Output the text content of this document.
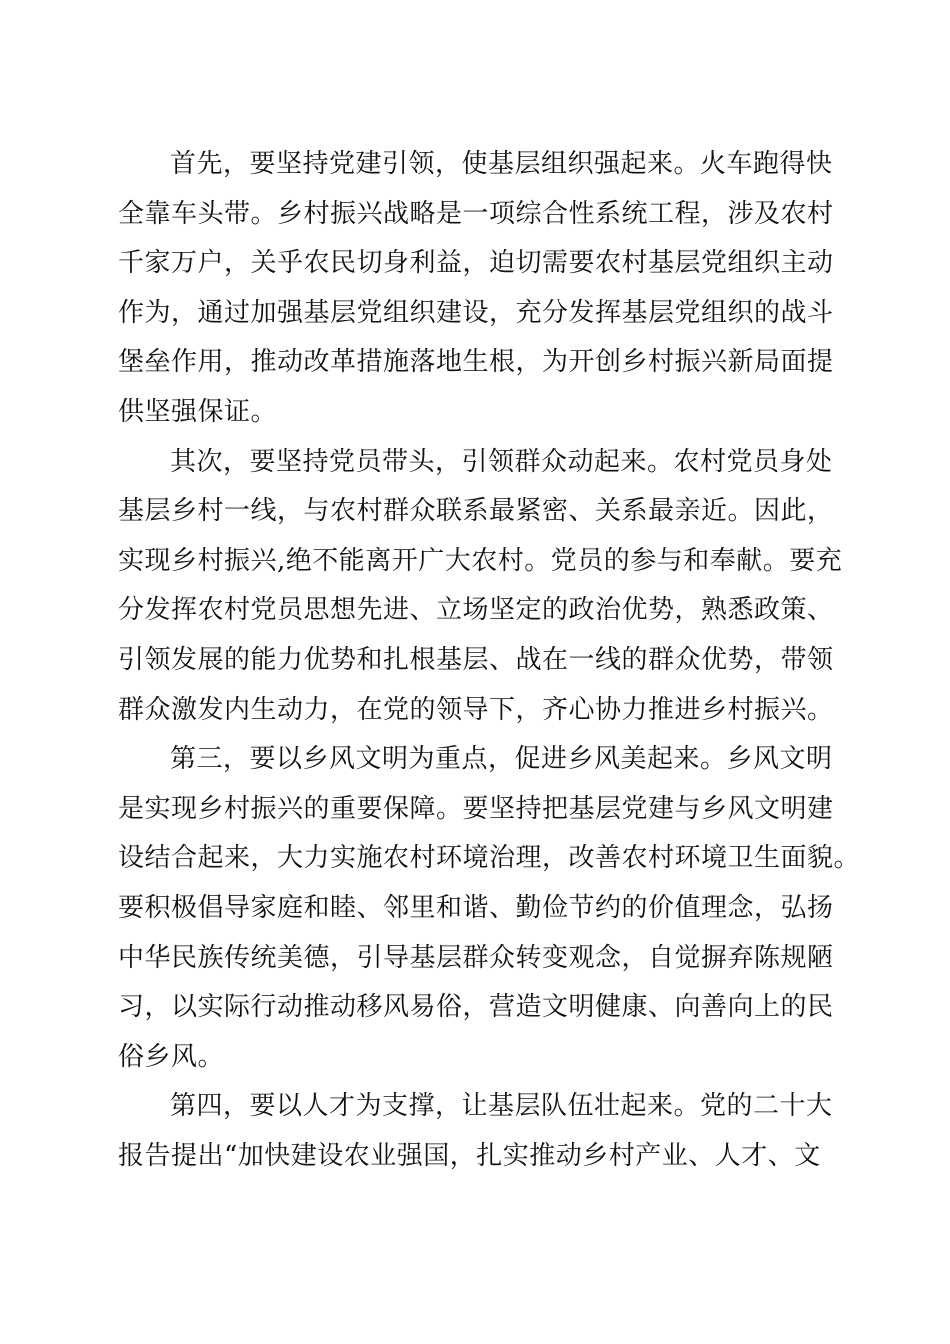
首先，要坚持党建引领，使基层组织强起来。火车跑得快
全靠车头带。乡村振兴战略是一项综合性系统工程，涉及农村
千家万户，关乎农民切身利益，迫切需要农村基层党组织主动
作为，通过加强基层党组织建设，充分发挥基层党组织的战斗
堡垒作用，推动改革措施落地生根，为开创乡村振兴新局面提
供坚强保证。
其次，要坚持党员带头，引领群众动起来。农村党员身处
基层乡村一线，与农村群众联系最紧密、关系最亲近。因此，
实现乡村振兴,绝不能离开广大农村。党员的参与和奉献。要充
分发挥农村党员思想先进、立场坚定的政治优势，熟悉政策、
引领发展的能力优势和扎根基层、战在一线的群众优势，带领
群众激发内生动力，在党的领导下，齐心协力推进乡村振兴。
第三，要以乡风文明为重点，促进乡风美起来。乡风文明
是实现乡村振兴的重要保障。要坚持把基层党建与乡风文明建
设结合起来，大力实施农村环境治理，改善农村环境卫生面貌。
要积极倡导家庭和睦、邻里和谐、勤俭节约的价值理念，弘扬
中华民族传统美德，引导基层群众转变观念，自觉摒弃陈规陋
习，以实际行动推动移风易俗，营造文明健康、向善向上的民
俗乡风。
第四，要以人才为支撑，让基层队伍壮起来。党的二十大
报告提出“加快建设农业强国，扎实推动乡村产业、人才、文
